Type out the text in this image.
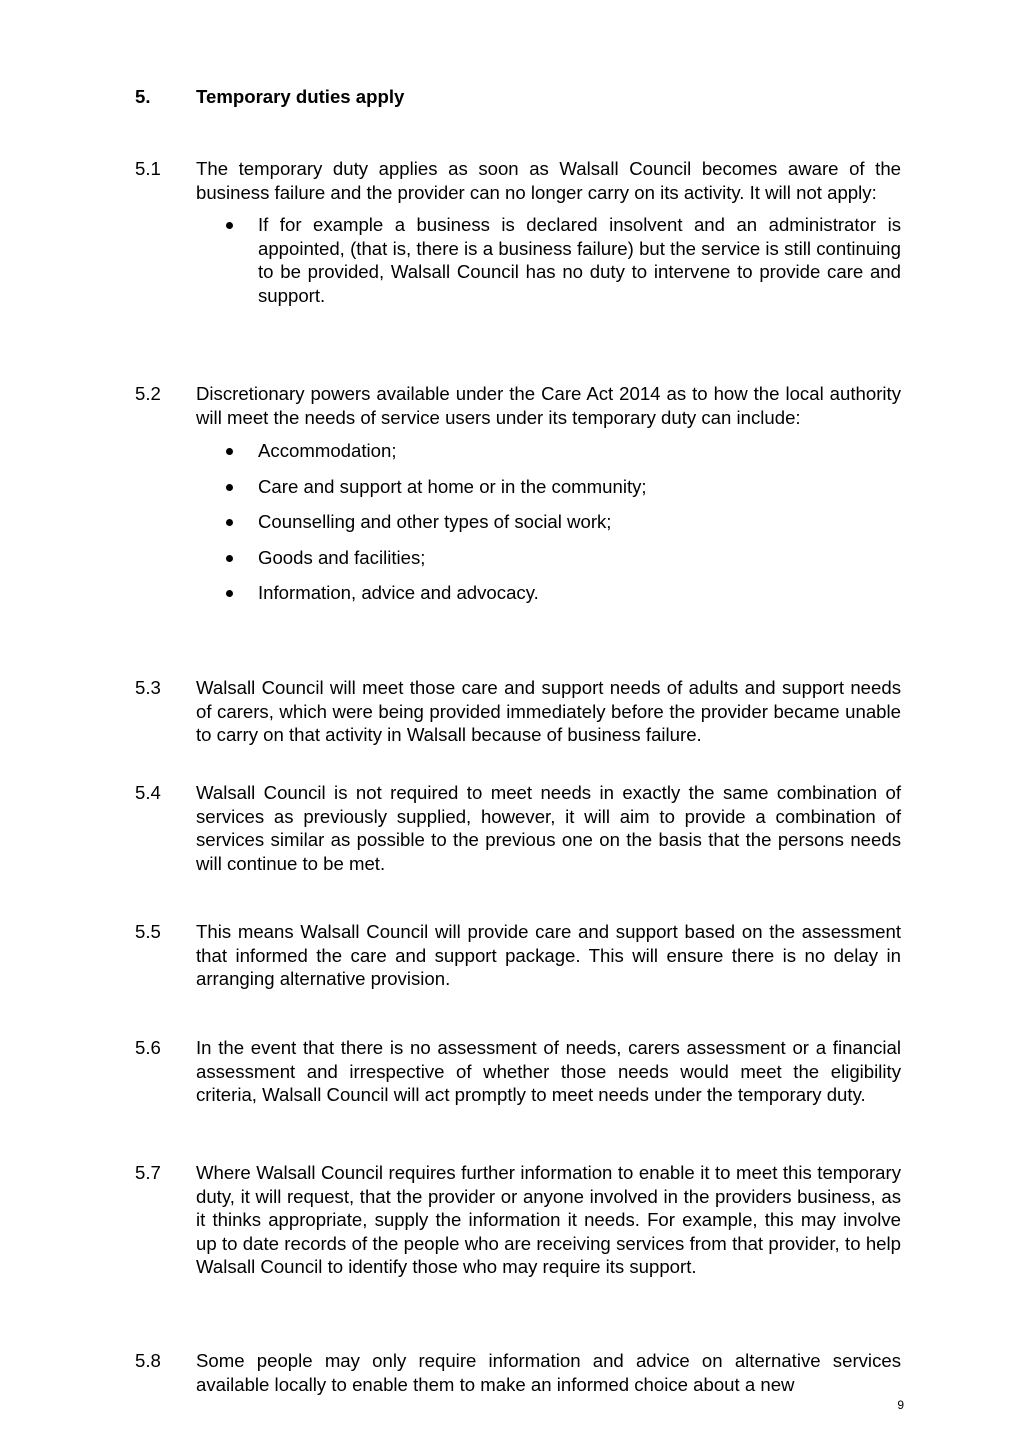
5. Temporary duties apply
5.1 The temporary duty applies as soon as Walsall Council becomes aware of the business failure and the provider can no longer carry on its activity. It will not apply:
If for example a business is declared insolvent and an administrator is appointed, (that is, there is a business failure) but the service is still continuing to be provided, Walsall Council has no duty to intervene to provide care and support.
5.2 Discretionary powers available under the Care Act 2014 as to how the local authority will meet the needs of service users under its temporary duty can include:
Accommodation;
Care and support at home or in the community;
Counselling and other types of social work;
Goods and facilities;
Information, advice and advocacy.
5.3 Walsall Council will meet those care and support needs of adults and support needs of carers, which were being provided immediately before the provider became unable to carry on that activity in Walsall because of business failure.
5.4 Walsall Council is not required to meet needs in exactly the same combination of services as previously supplied, however, it will aim to provide a combination of services similar as possible to the previous one on the basis that the persons needs will continue to be met.
5.5 This means Walsall Council will provide care and support based on the assessment that informed the care and support package. This will ensure there is no delay in arranging alternative provision.
5.6 In the event that there is no assessment of needs, carers assessment or a financial assessment and irrespective of whether those needs would meet the eligibility criteria, Walsall Council will act promptly to meet needs under the temporary duty.
5.7 Where Walsall Council requires further information to enable it to meet this temporary duty, it will request, that the provider or anyone involved in the providers business, as it thinks appropriate, supply the information it needs. For example, this may involve up to date records of the people who are receiving services from that provider, to help Walsall Council to identify those who may require its support.
5.8 Some people may only require information and advice on alternative services available locally to enable them to make an informed choice about a new
9
